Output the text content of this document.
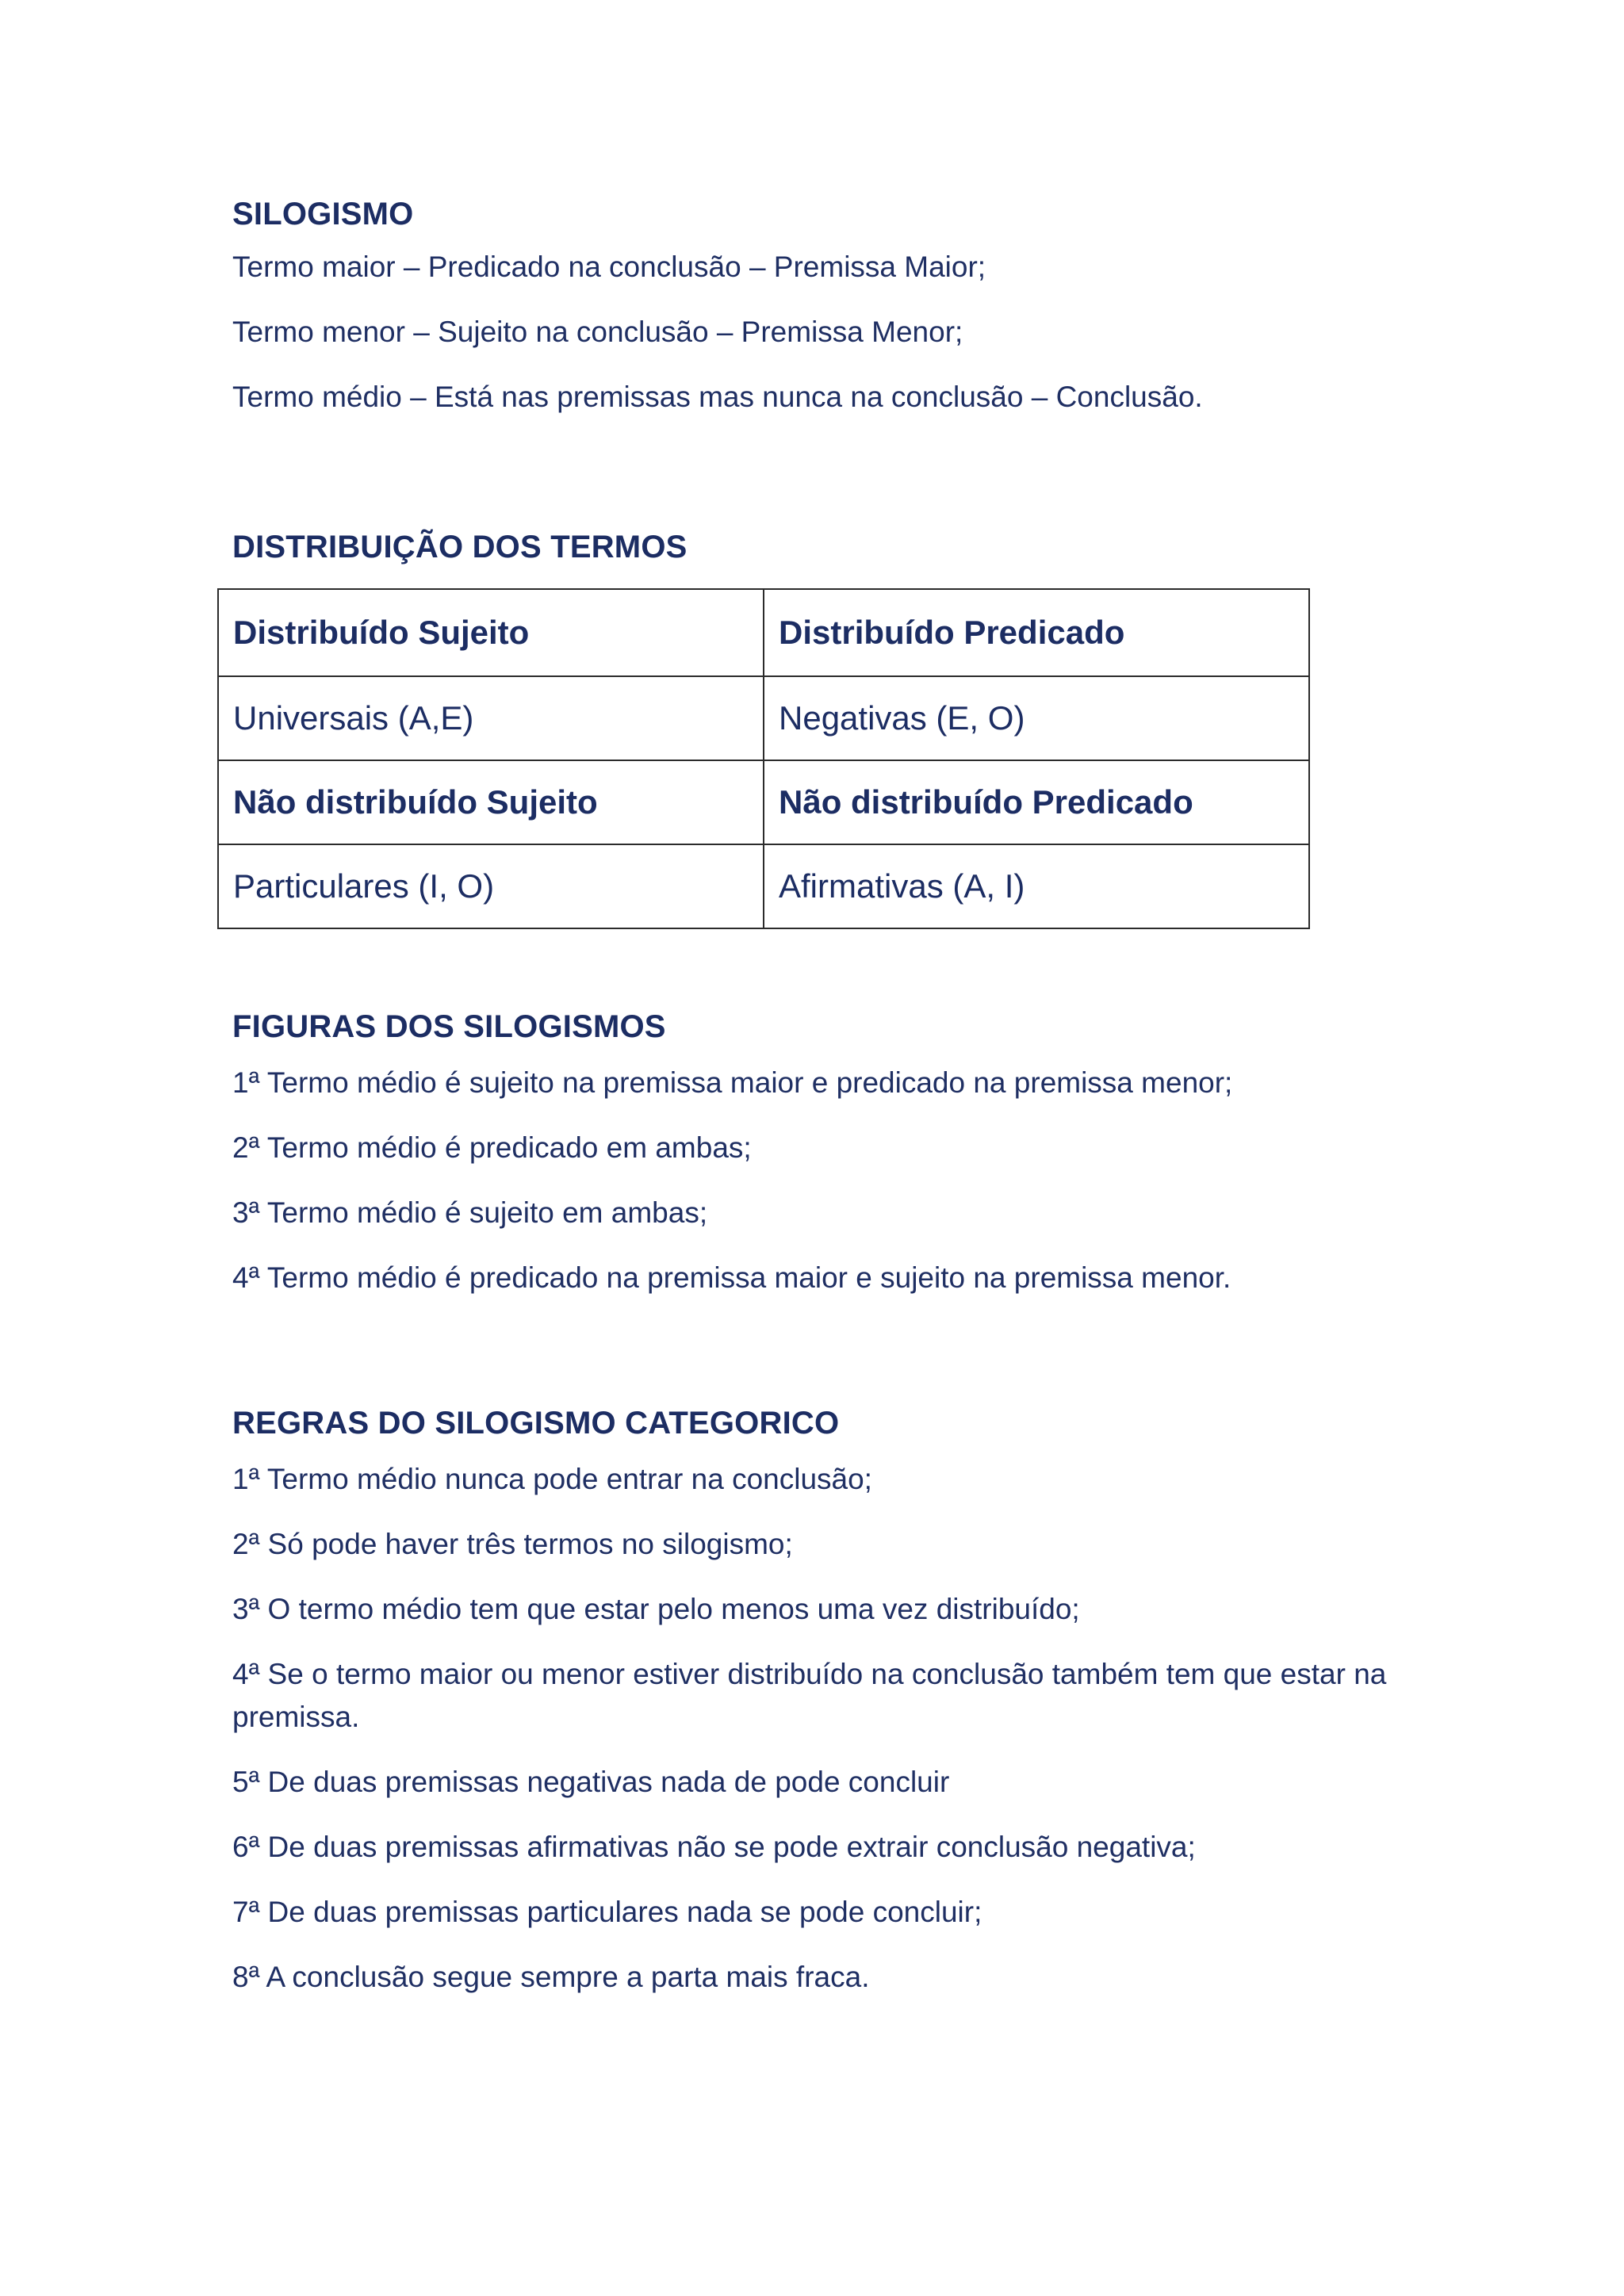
SILOGISMO

Termo maior – Predicado na conclusão – Premissa Maior;

Termo menor – Sujeito na conclusão – Premissa Menor;

Termo médio – Está nas premissas mas nunca na conclusão – Conclusão.

DISTRIBUIÇÃO DOS TERMOS
Distribuído Sujeito	Distribuído Predicado
Universais (A,E)	Negativas (E, O)
Não distribuído Sujeito	Não distribuído Predicado
Particulares (I, O)	Afirmativas (A, I)
FIGURAS DOS SILOGISMOS

1ª Termo médio é sujeito na premissa maior e predicado na premissa menor;

2ª Termo médio é predicado em ambas;

3ª Termo médio é sujeito em ambas;

4ª Termo médio é predicado na premissa maior e sujeito na premissa menor.

REGRAS DO SILOGISMO CATEGORICO

1ª Termo médio nunca pode entrar na conclusão;

2ª Só pode haver três termos no silogismo;

3ª O termo médio tem que estar pelo menos uma vez distribuído;

4ª Se o termo maior ou menor estiver distribuído na conclusão também tem que estar na premissa.

5ª De duas premissas negativas nada de pode concluir

6ª De duas premissas afirmativas não se pode extrair conclusão negativa;

7ª De duas premissas particulares nada se pode concluir;

8ª A conclusão segue sempre a parta mais fraca.
